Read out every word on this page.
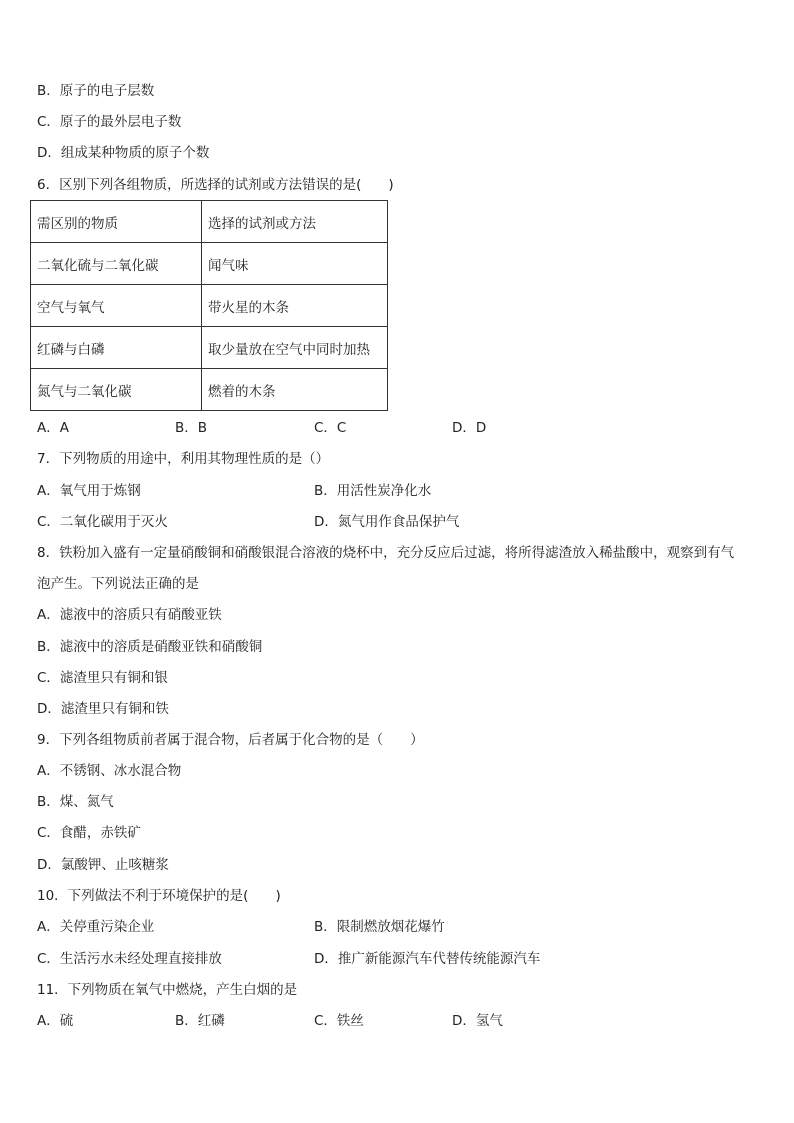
B．原子的电子层数
C．原子的最外层电子数
D．组成某种物质的原子个数
6．区别下列各组物质，所选择的试剂或方法错误的是(　　)
需区别的物质	选择的试剂或方法
二氧化硫与二氧化碳	闻气味
空气与氧气	带火星的木条
红磷与白磷	取少量放在空气中同时加热
氮气与二氧化碳	燃着的木条
A．A	B．B	C．C	D．D
7．下列物质的用途中，利用其物理性质的是（）
A．氧气用于炼钢	B．用活性炭净化水
C．二氧化碳用于灭火	D．氮气用作食品保护气
8．铁粉加入盛有一定量硝酸铜和硝酸银混合溶液的烧杯中，充分反应后过滤，将所得滤渣放入稀盐酸中，观察到有气
泡产生。下列说法正确的是
A．滤液中的溶质只有硝酸亚铁
B．滤液中的溶质是硝酸亚铁和硝酸铜
C．滤渣里只有铜和银
D．滤渣里只有铜和铁
9．下列各组物质前者属于混合物，后者属于化合物的是（　　）
A．不锈钢、冰水混合物
B．煤、氮气
C．食醋，赤铁矿
D．氯酸钾、止咳糖浆
10．下列做法不利于环境保护的是(　　)
A．关停重污染企业	B．限制燃放烟花爆竹
C．生活污水未经处理直接排放	D．推广新能源汽车代替传统能源汽车
11．下列物质在氧气中燃烧，产生白烟的是
A．硫	B．红磷	C．铁丝	D．氢气
